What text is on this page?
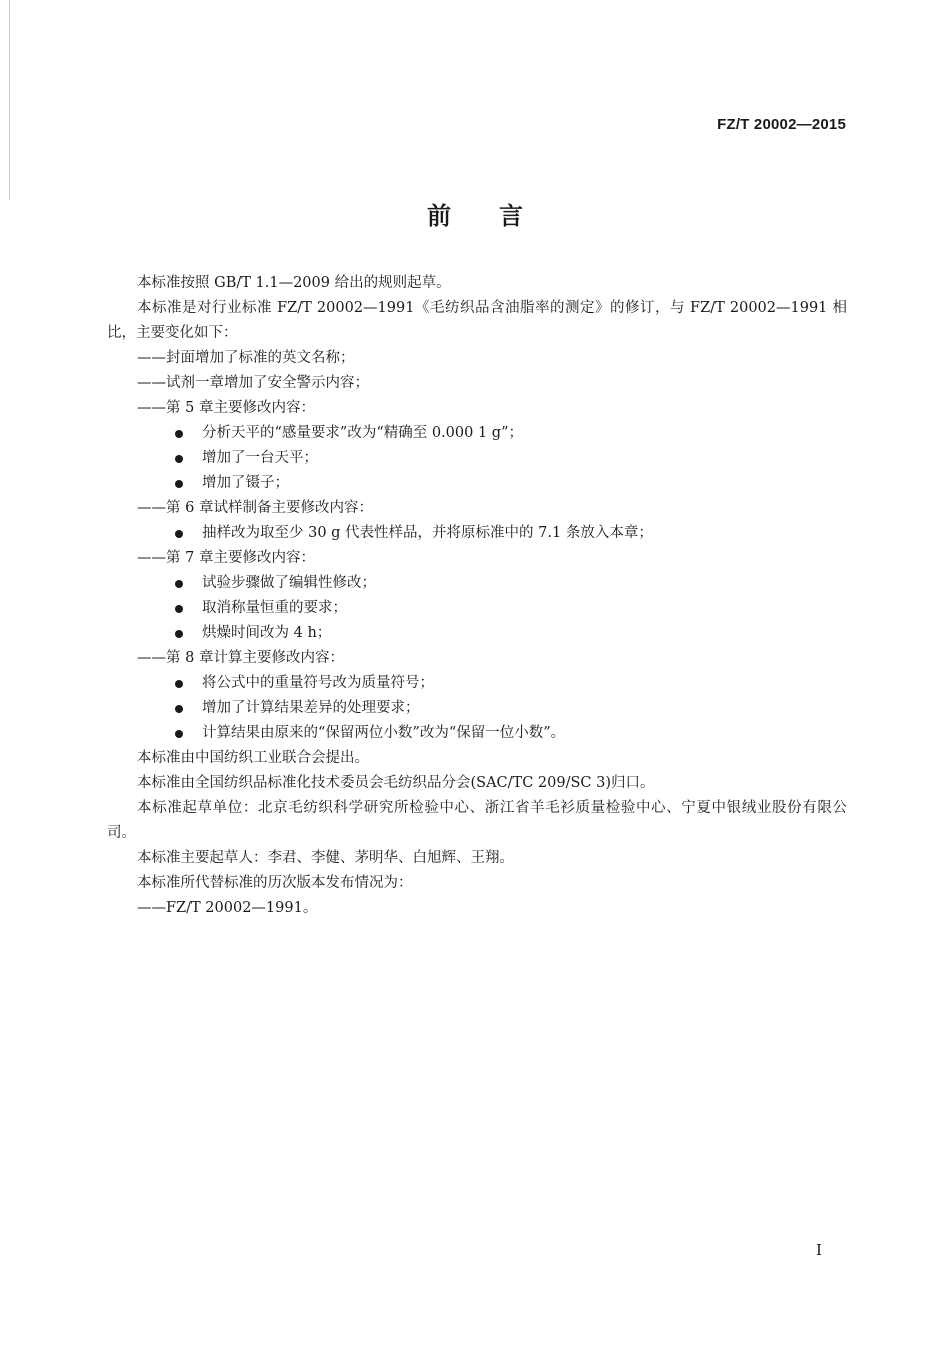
FZ/T 20002—2015
前言

本标准按照 GB/T 1.1—2009 给出的规则起草。

本标准是对行业标准 FZ/T 20002—1991《毛纺织品含油脂率的测定》的修订，与 FZ/T 20002—1991 相比，主要变化如下：

——封面增加了标准的英文名称；

——试剂一章增加了安全警示内容；

——第 5 章主要修改内容：

分析天平的“感量要求”改为“精确至 0.000 1 g”；

增加了一台天平；

增加了镊子；

——第 6 章试样制备主要修改内容：

抽样改为取至少 30 g 代表性样品，并将原标准中的 7.1 条放入本章；

——第 7 章主要修改内容：

试验步骤做了编辑性修改；

取消称量恒重的要求；

烘燥时间改为 4 h；

——第 8 章计算主要修改内容：

将公式中的重量符号改为质量符号；

增加了计算结果差异的处理要求；

计算结果由原来的“保留两位小数”改为“保留一位小数”。

本标准由中国纺织工业联合会提出。

本标准由全国纺织品标准化技术委员会毛纺织品分会(SAC/TC 209/SC 3)归口。

本标准起草单位：北京毛纺织科学研究所检验中心、浙江省羊毛衫质量检验中心、宁夏中银绒业股份有限公司。

本标准主要起草人：李君、李健、茅明华、白旭辉、王翔。

本标准所代替标准的历次版本发布情况为：

——FZ/T 20002—1991。

I
